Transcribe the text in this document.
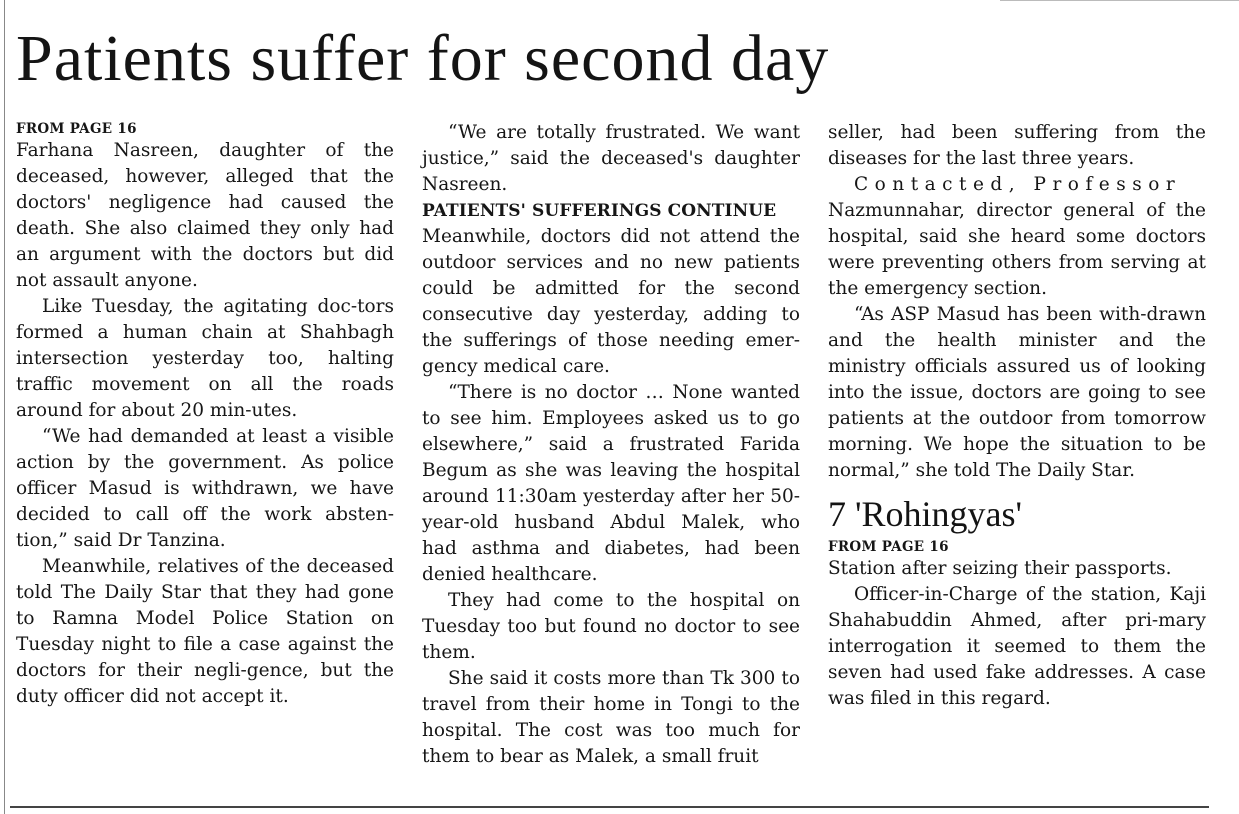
Patients suffer for second day
FROM PAGE 16

Farhana Nasreen, daughter of the deceased, however, alleged that the doctors' negligence had caused the death. She also claimed they only had an argument with the doctors but did not assault anyone.

Like Tuesday, the agitating doc-tors formed a human chain at Shahbagh intersection yesterday too, halting traffic movement on all the roads around for about 20 min-utes.

“We had demanded at least a visible action by the government. As police officer Masud is withdrawn, we have decided to call off the work absten-tion,” said Dr Tanzina.

Meanwhile, relatives of the deceased told The Daily Star that they had gone to Ramna Model Police Station on Tuesday night to file a case against the doctors for their negli-gence, but the duty officer did not accept it.

“We are totally frustrated. We want justice,” said the deceased's daughter Nasreen.

PATIENTS' SUFFERINGS CONTINUE

Meanwhile, doctors did not attend the outdoor services and no new patients could be admitted for the second consecutive day yesterday, adding to the sufferings of those needing emer-gency medical care.

“There is no doctor … None wanted to see him. Employees asked us to go elsewhere,” said a frustrated Farida Begum as she was leaving the hospital around 11:30am yesterday after her 50-year-old husband Abdul Malek, who had asthma and diabetes, had been denied healthcare.

They had come to the hospital on Tuesday too but found no doctor to see them.

She said it costs more than Tk 300 to travel from their home in Tongi to the hospital. The cost was too much for them to bear as Malek, a small fruit

seller, had been suffering from the diseases for the last three years.

Contacted, Professor

Nazmunnahar, director general of the hospital, said she heard some doctors were preventing others from serving at the emergency section.

“As ASP Masud has been with-drawn and the health minister and the ministry officials assured us of looking into the issue, doctors are going to see patients at the outdoor from tomorrow morning. We hope the situation to be normal,” she told The Daily Star.

7 'Rohingyas'
FROM PAGE 16

Station after seizing their passports.

Officer-in-Charge of the station, Kaji Shahabuddin Ahmed, after pri-mary interrogation it seemed to them the seven had used fake addresses. A case was filed in this regard.
